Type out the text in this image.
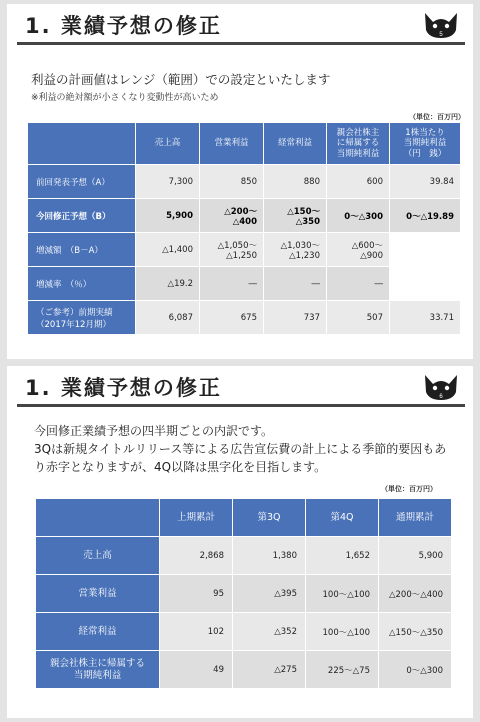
1. 業績予想の修正	5
利益の計画値はレンジ（範囲）での設定といたします
※利益の絶対額が小さくなり変動性が高いため
（単位：百万円）
	売上高	営業利益	経常利益	親会社株主
に帰属する
当期純利益	1株当たり
当期純利益
（円　銭）
前回発表予想（A）	7,300	850	880	600	39.84
今回修正予想（B）	5,900	△200～
△400	△150～
△350	0～△300	0～△19.89
増減額　（B－A）	△1,400	△1,050～
△1,250	△1,030～
△1,230	△600～
△900	
増減率　（％）	△19.2	―	―	―	
（ご参考）前期実績
（2017年12月期）	6,087	675	737	507	33.71
1. 業績予想の修正	6
今回修正業績予想の四半期ごとの内訳です。
3Qは新規タイトルリリース等による広告宣伝費の計上による季節的要因もあ
り赤字となりますが、4Q以降は黒字化を目指します。
（単位：百万円）
	上期累計	第3Q	第4Q	通期累計
売上高	2,868	1,380	1,652	5,900
営業利益	95	△395	100～△100	△200～△400
経常利益	102	△352	100～△100	△150～△350
親会社株主に帰属する
当期純利益	49	△275	225～△75	0～△300
